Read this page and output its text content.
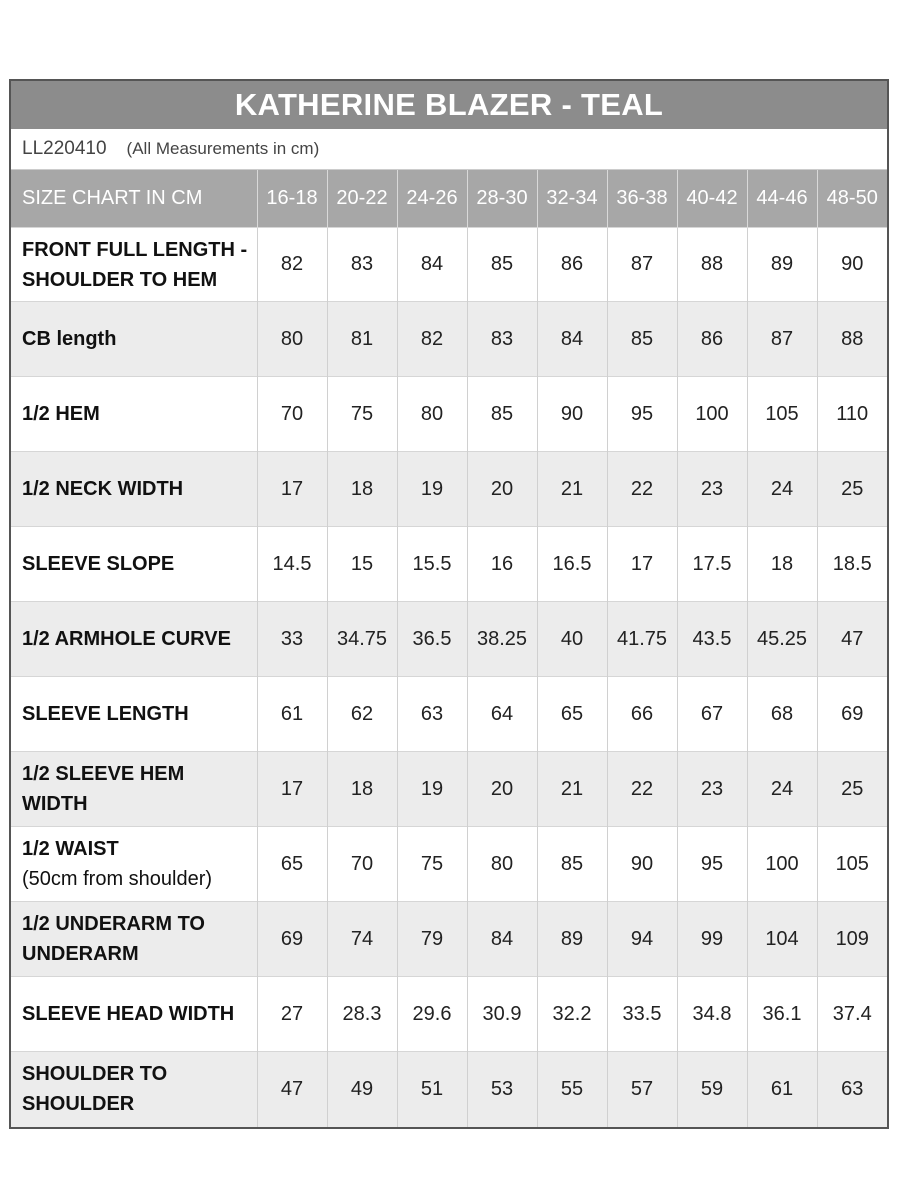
KATHERINE BLAZER - TEAL
LL220410 (All Measurements in cm)
SIZE CHART IN CM	16-18	20-22	24-26	28-30	32-34	36-38	40-42	44-46	48-50

FRONT FULL LENGTH -
SHOULDER TO HEM	82	83	84	85	86	87	88	89	90

CB length	80	81	82	83	84	85	86	87	88

1/2 HEM	70	75	80	85	90	95	100	105	110

1/2 NECK WIDTH	17	18	19	20	21	22	23	24	25

SLEEVE SLOPE	14.5	15	15.5	16	16.5	17	17.5	18	18.5

1/2 ARMHOLE CURVE	33	34.75	36.5	38.25	40	41.75	43.5	45.25	47

SLEEVE LENGTH	61	62	63	64	65	66	67	68	69

1/2 SLEEVE HEM
WIDTH	17	18	19	20	21	22	23	24	25

1/2 WAIST
(50cm from shoulder)	65	70	75	80	85	90	95	100	105

1/2 UNDERARM TO
UNDERARM	69	74	79	84	89	94	99	104	109

SLEEVE HEAD WIDTH	27	28.3	29.6	30.9	32.2	33.5	34.8	36.1	37.4

SHOULDER TO
SHOULDER	47	49	51	53	55	57	59	61	63
